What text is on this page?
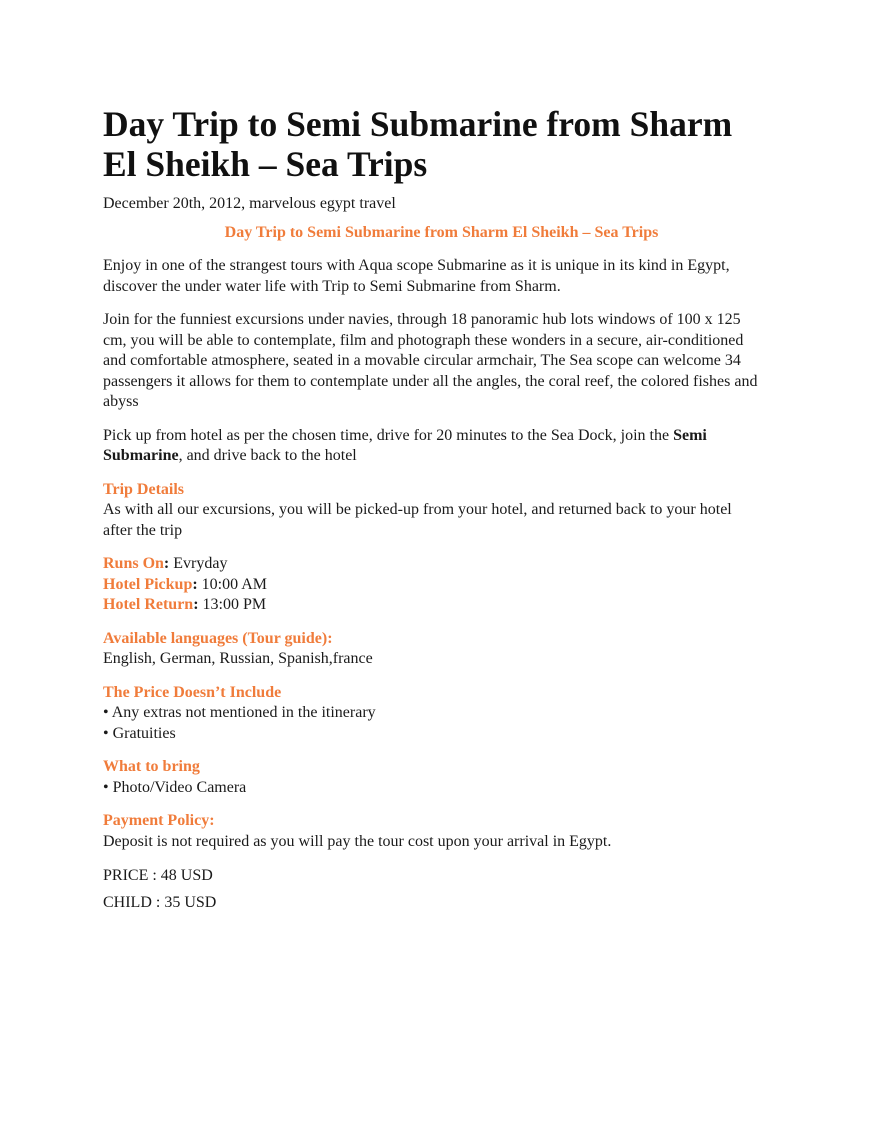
Day Trip to Semi Submarine from Sharm El Sheikh – Sea Trips
December 20th, 2012, marvelous egypt travel
Day Trip to Semi Submarine from Sharm El Sheikh – Sea Trips

Enjoy in one of the strangest tours with Aqua scope Submarine as it is unique in its kind in Egypt, discover the under water life with Trip to Semi Submarine from Sharm.

Join for the funniest excursions under navies, through 18 panoramic hub lots windows of 100 x 125 cm, you will be able to contemplate, film and photograph these wonders in a secure, air-conditioned and comfortable atmosphere, seated in a movable circular armchair, The Sea scope can welcome 34 passengers it allows for them to contemplate under all the angles, the coral reef, the colored fishes and abyss

Pick up from hotel as per the chosen time, drive for 20 minutes to the Sea Dock, join the Semi Submarine, and drive back to the hotel

Trip Details
As with all our excursions, you will be picked-up from your hotel, and returned back to your hotel after the trip
Runs On: Evryday
Hotel Pickup: 10:00 AM
Hotel Return: 13:00 PM
Available languages (Tour guide):
English, German, Russian, Spanish,france
The Price Doesn’t Include
• Any extras not mentioned in the itinerary
• Gratuities
What to bring
• Photo/Video Camera
Payment Policy:
Deposit is not required as you will pay the tour cost upon your arrival in Egypt.
PRICE : 48 USD
CHILD : 35 USD
